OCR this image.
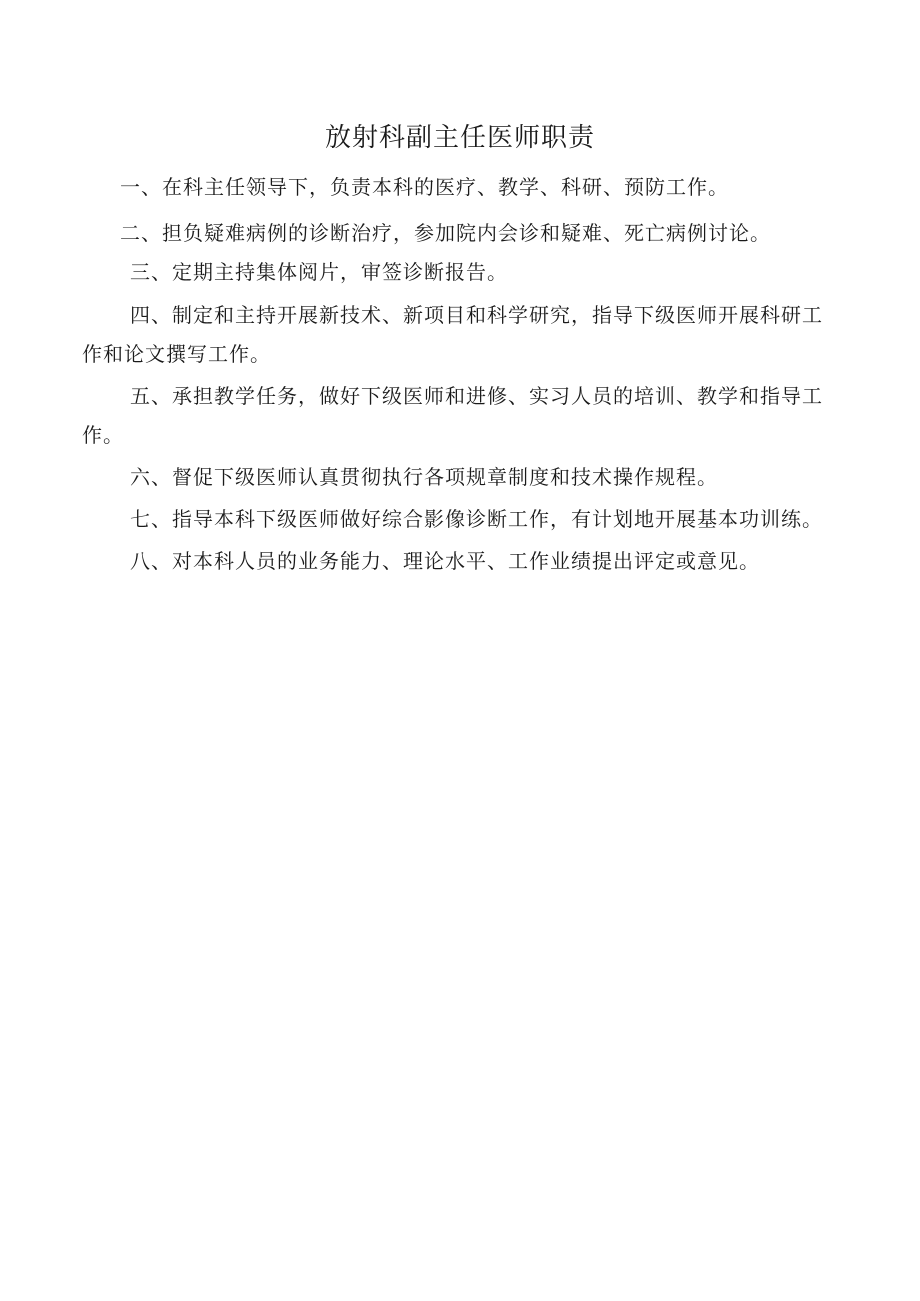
放射科副主任医师职责

一、在科主任领导下，负责本科的医疗、教学、科研、预防工作。

二、担负疑难病例的诊断治疗，参加院内会诊和疑难、死亡病例讨论。

三、定期主持集体阅片，审签诊断报告。

四、制定和主持开展新技术、新项目和科学研究，指导下级医师开展科研工作和论文撰写工作。

五、承担教学任务，做好下级医师和进修、实习人员的培训、教学和指导工作。

六、督促下级医师认真贯彻执行各项规章制度和技术操作规程。

七、指导本科下级医师做好综合影像诊断工作，有计划地开展基本功训练。

八、对本科人员的业务能力、理论水平、工作业绩提出评定或意见。
